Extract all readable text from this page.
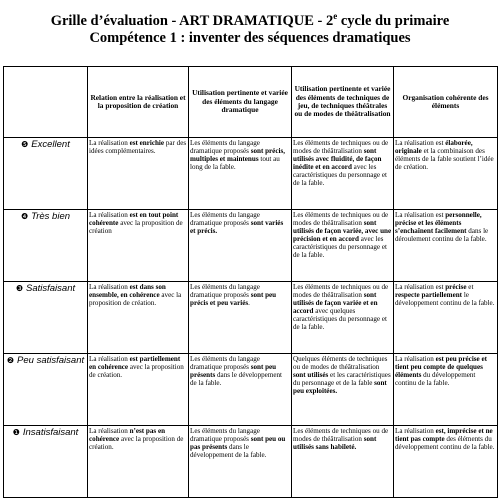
Grille d’évaluation - ART DRAMATIQUE - 2e cycle du primaire
Compétence 1 : inventer des séquences dramatiques
	Relation entre la réalisation et la proposition de création	Utilisation pertinente et variée des éléments du langage dramatique	Utilisation pertinente et variée des éléments de techniques de jeu, de techniques théâtrales ou de modes de théâtralisation	Organisation cohérente des éléments
❺ Excellent	La réalisation est enrichie par des idées complémentaires.	Les éléments du langage dramatique proposés sont précis, multiples et maintenus tout au long de la fable.	Les éléments de techniques ou de modes de théâtralisation sont utilisés avec fluidité, de façon inédite et en accord avec les caractéristiques du personnage et de la fable.	La réalisation est élaborée, originale et la combinaison des éléments de la fable soutient l’idée de création.
❹ Très bien	La réalisation est en tout point cohérente avec la proposition de création	Les éléments du langage dramatique proposés sont variés et précis.	Les éléments de techniques ou de modes de théâtralisation sont utilisés de façon variée, avec une précision et en accord avec les caractéristiques du personnage et de la fable.	La réalisation est personnelle, précise et les éléments s’enchaînent facilement dans le déroulement continu de la fable.
❸ Satisfaisant	La réalisation est dans son ensemble, en cohérence avec la proposition de création.	Les éléments du langage dramatique proposés sont peu précis et peu variés.	Les éléments de techniques ou de modes de théâtralisation sont utilisés de façon variée et en accord avec quelques caractéristiques du personnage et de la fable.	La réalisation est précise et respecte partiellement le développement continu de la fable.
❷ Peu satisfaisant	La réalisation est partiellement en cohérence avec la proposition de création.	Les éléments du langage dramatique proposés sont peu présents dans le développement de la fable.	Quelques éléments de techniques ou de modes de théâtralisation sont utilisés et les caractéristiques du personnage et de la fable sont peu exploitées.	La réalisation est peu précise et tient peu compte de quelques éléments du développement continu de la fable.
❶ Insatisfaisant	La réalisation n’est pas en cohérence avec la proposition de création.	Les éléments du langage dramatique proposés sont peu ou pas présents dans le développement de la fable.	Les éléments de techniques ou de modes de théâtralisation sont utilisés sans habileté.	La réalisation est, imprécise et ne tient pas compte des éléments du développement continu de la fable.
